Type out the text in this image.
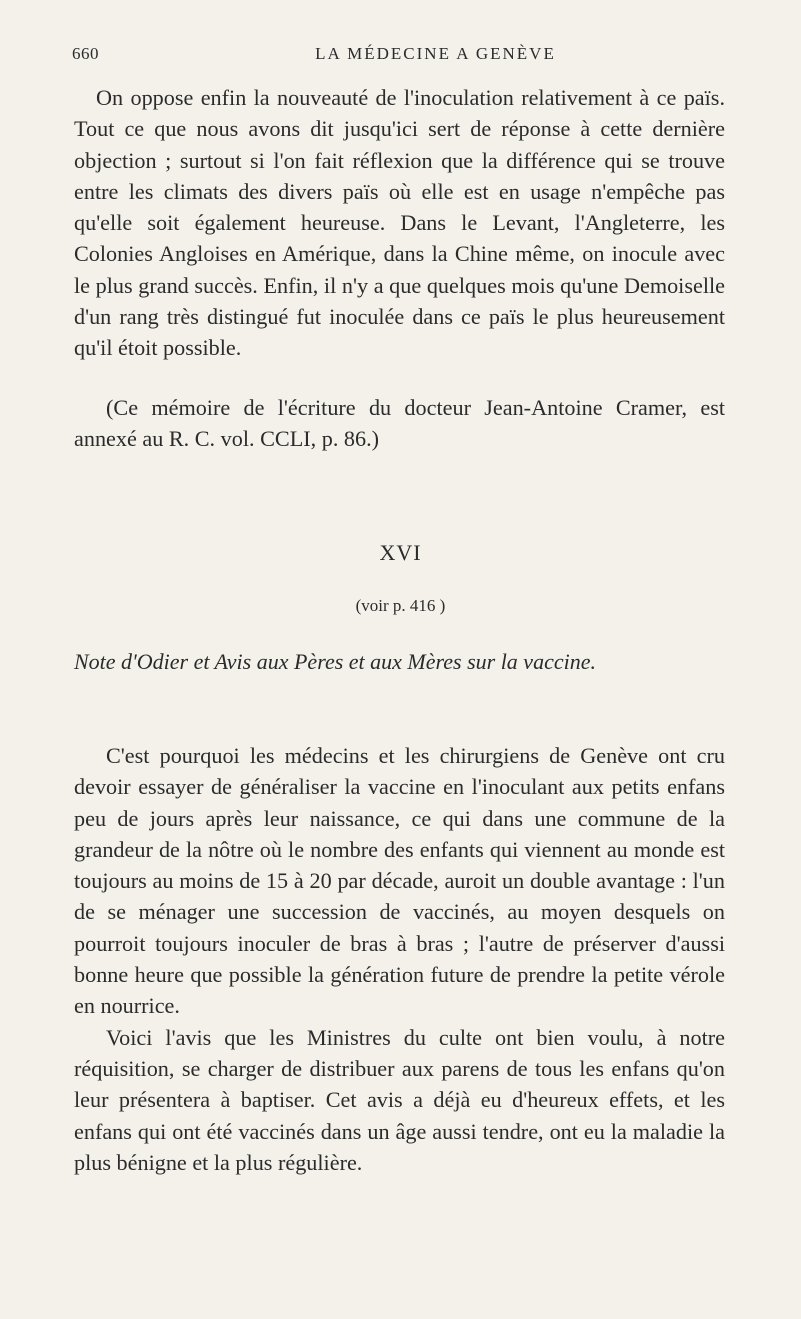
660	LA MÉDECINE A GENÈVE

On oppose enfin la nouveauté de l'inoculation relativement à ce païs. Tout ce que nous avons dit jusqu'ici sert de réponse à cette dernière objection ; surtout si l'on fait réflexion que la différence qui se trouve entre les climats des divers païs où elle est en usage n'empêche pas qu'elle soit également heureuse. Dans le Levant, l'Angleterre, les Colonies Angloises en Amérique, dans la Chine même, on inocule avec le plus grand succès. Enfin, il n'y a que quelques mois qu'une Demoiselle d'un rang très distingué fut inoculée dans ce païs le plus heureusement qu'il étoit possible.

(Ce mémoire de l'écriture du docteur Jean-Antoine Cramer, est annexé au R. C. vol. CCLI, p. 86.)

XVI
(voir p. 416 )
Note d'Odier et Avis aux Pères et aux Mères sur la vaccine.

C'est pourquoi les médecins et les chirurgiens de Genève ont cru devoir essayer de généraliser la vaccine en l'inoculant aux petits enfans peu de jours après leur naissance, ce qui dans une commune de la grandeur de la nôtre où le nombre des enfants qui viennent au monde est toujours au moins de 15 à 20 par décade, auroit un double avantage : l'un de se ménager une succession de vaccinés, au moyen desquels on pourroit toujours inoculer de bras à bras ; l'autre de préserver d'aussi bonne heure que possible la génération future de prendre la petite vérole en nourrice.

Voici l'avis que les Ministres du culte ont bien voulu, à notre réquisition, se charger de distribuer aux parens de tous les enfans qu'on leur présentera à baptiser. Cet avis a déjà eu d'heureux effets, et les enfans qui ont été vaccinés dans un âge aussi tendre, ont eu la maladie la plus bénigne et la plus régulière.
